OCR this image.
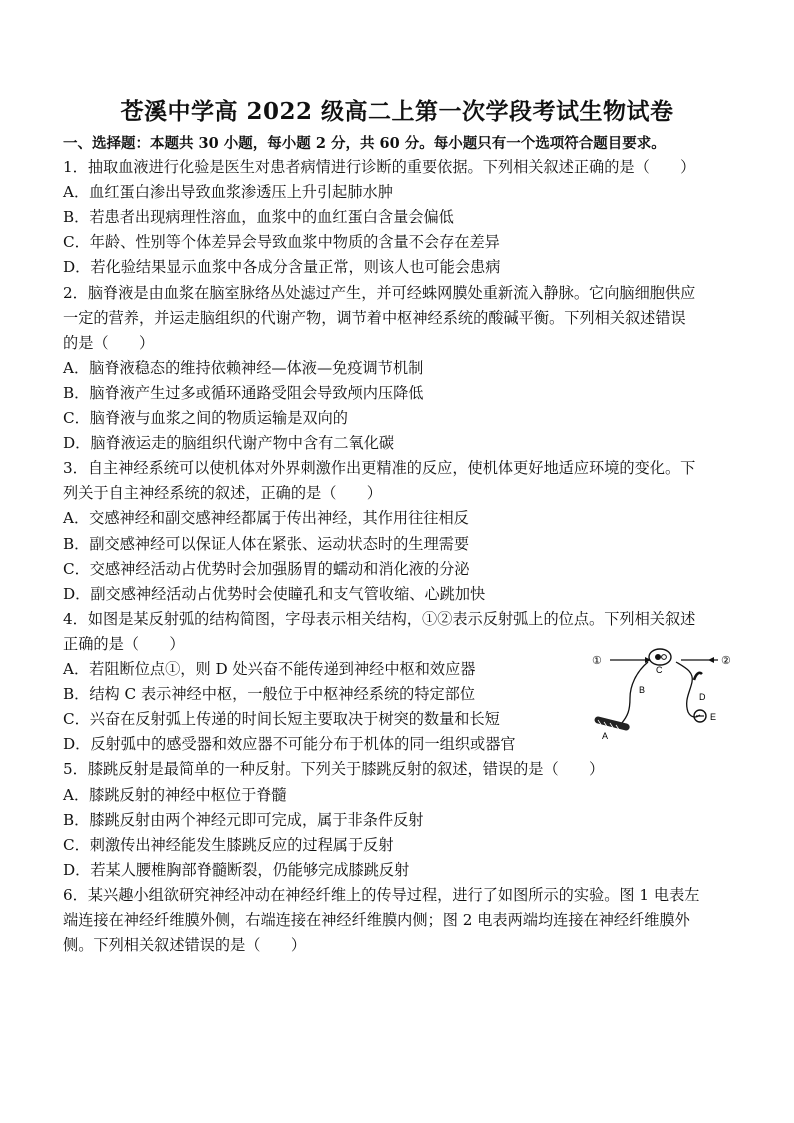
苍溪中学高 2022 级高二上第一次学段考试生物试卷
一、选择题：本题共 30 小题，每小题 2 分，共 60 分。每小题只有一个选项符合题目要求。
1．抽取血液进行化验是医生对患者病情进行诊断的重要依据。下列相关叙述正确的是（　　）
A．血红蛋白渗出导致血浆渗透压上升引起肺水肿
B．若患者出现病理性溶血，血浆中的血红蛋白含量会偏低
C．年龄、性别等个体差异会导致血浆中物质的含量不会存在差异
D．若化验结果显示血浆中各成分含量正常，则该人也可能会患病
2．脑脊液是由血浆在脑室脉络丛处滤过产生，并可经蛛网膜处重新流入静脉。它向脑细胞供应
一定的营养，并运走脑组织的代谢产物，调节着中枢神经系统的酸碱平衡。下列相关叙述错误
的是（　　）
A．脑脊液稳态的维持依赖神经—体液—免疫调节机制
B．脑脊液产生过多或循环通路受阻会导致颅内压降低
C．脑脊液与血浆之间的物质运输是双向的
D．脑脊液运走的脑组织代谢产物中含有二氧化碳
3．自主神经系统可以使机体对外界刺激作出更精准的反应，使机体更好地适应环境的变化。下
列关于自主神经系统的叙述，正确的是（　　）
A．交感神经和副交感神经都属于传出神经，其作用往往相反
B．副交感神经可以保证人体在紧张、运动状态时的生理需要
C．交感神经活动占优势时会加强肠胃的蠕动和消化液的分泌
D．副交感神经活动占优势时会使瞳孔和支气管收缩、心跳加快
4．如图是某反射弧的结构简图，字母表示相关结构，①②表示反射弧上的位点。下列相关叙述
正确的是（　　）
A．若阻断位点①，则 D 处兴奋不能传递到神经中枢和效应器
B．结构 C 表示神经中枢，一般位于中枢神经系统的特定部位
C．兴奋在反射弧上传递的时间长短主要取决于树突的数量和长短
D．反射弧中的感受器和效应器不可能分布于机体的同一组织或器官
5．膝跳反射是最简单的一种反射。下列关于膝跳反射的叙述，错误的是（　　）
A．膝跳反射的神经中枢位于脊髓
B．膝跳反射由两个神经元即可完成，属于非条件反射
C．刺激传出神经能发生膝跳反应的过程属于反射
D．若某人腰椎胸部脊髓断裂，仍能够完成膝跳反射
6．某兴趣小组欲研究神经冲动在神经纤维上的传导过程，进行了如图所示的实验。图 1 电表左
端连接在神经纤维膜外侧，右端连接在神经纤维膜内侧；图 2 电表两端均连接在神经纤维膜外
侧。下列相关叙述错误的是（　　）
①	②
C
B
D
E
A
